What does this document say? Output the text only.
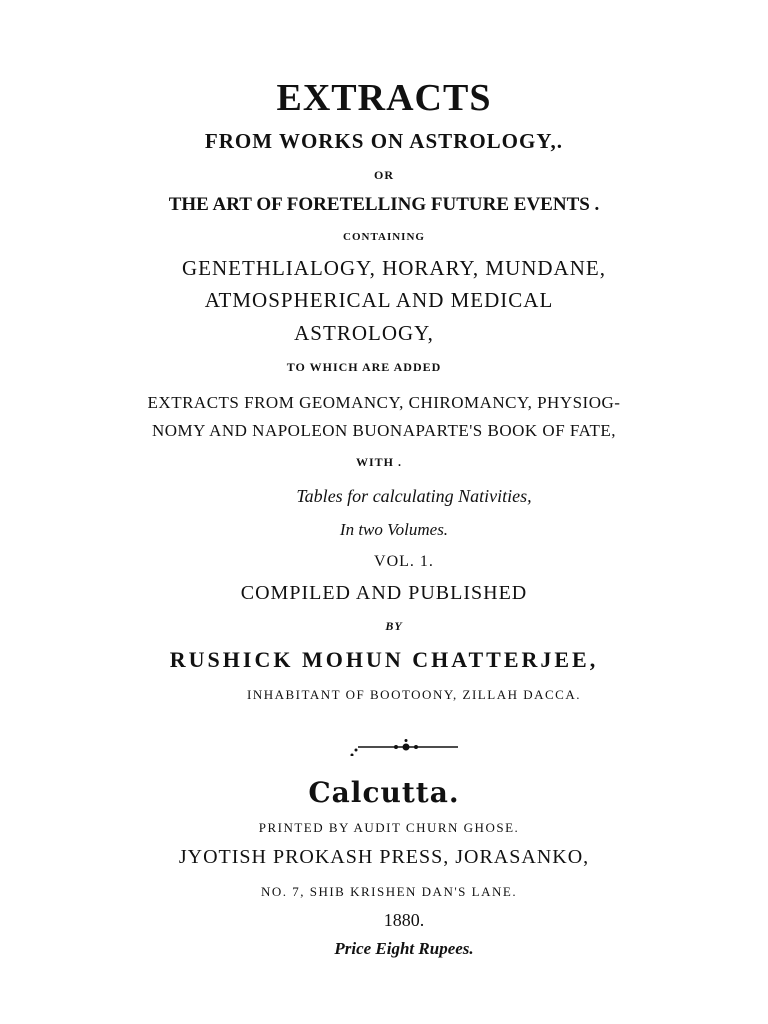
EXTRACTS
FROM WORKS ON ASTROLOGY,.
OR
THE ART OF FORETELLING FUTURE EVENTS .
CONTAINING
GENETHLIALOGY, HORARY, MUNDANE,
ATMOSPHERICAL AND MEDICAL
ASTROLOGY,
TO WHICH ARE ADDED
EXTRACTS FROM GEOMANCY, CHIROMANCY, PHYSIOG-
NOMY AND NAPOLEON BUONAPARTE'S BOOK OF FATE,
WITH .
Tables for calculating Nativities,
In two Volumes.
VOL. 1.
COMPILED AND PUBLISHED
BY
RUSHICK MOHUN CHATTERJEE,
INHABITANT OF BOOTOONY, ZILLAH DACCA.
Calcutta.
PRINTED BY AUDIT CHURN GHOSE.
JYOTISH PROKASH PRESS, JORASANKO,
NO. 7, SHIB KRISHEN DAN'S LANE.
1880.
Price Eight Rupees.
